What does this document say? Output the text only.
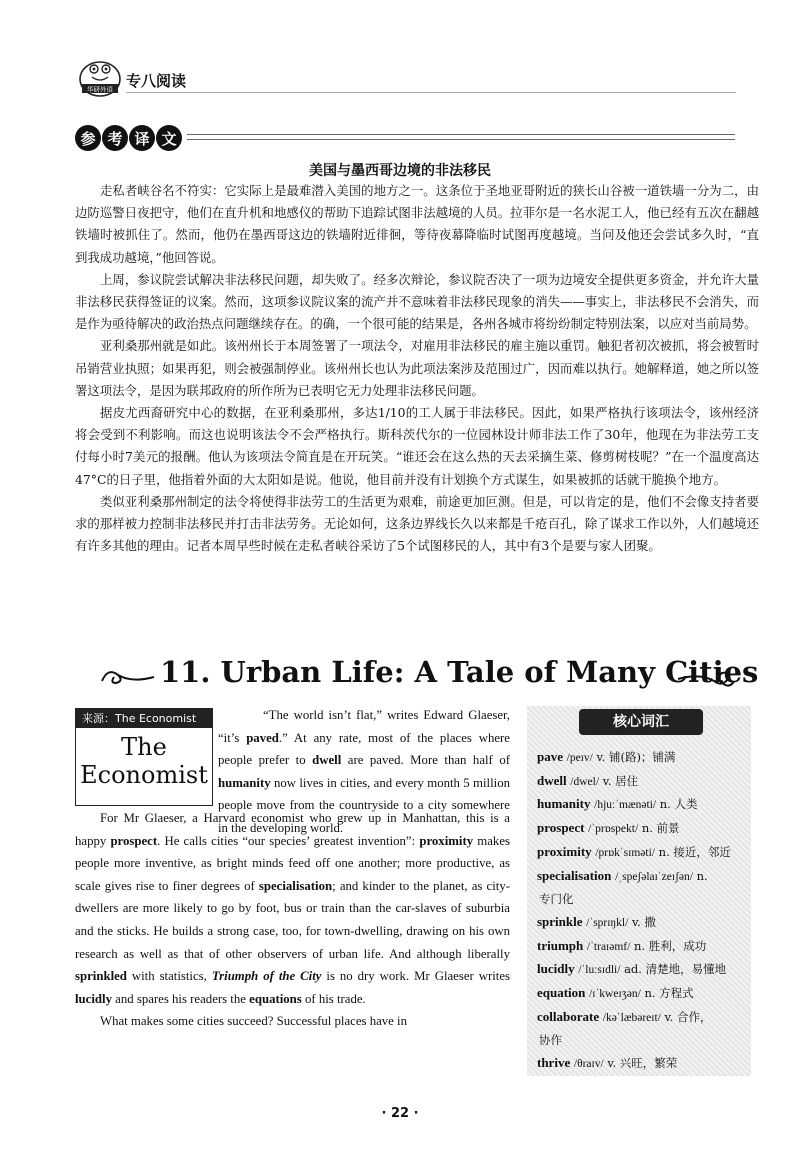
华研外语 专八阅读
参 考 译 文
美国与墨西哥边境的非法移民

走私者峡谷名不符实：它实际上是最难潜入美国的地方之一。这条位于圣地亚哥附近的狭长山谷被一道铁墙一分为二，由边防巡警日夜把守，他们在直升机和地感仪的帮助下追踪试图非法越境的人员。拉菲尔是一名水泥工人，他已经有五次在翻越铁墙时被抓住了。然而，他仍在墨西哥这边的铁墙附近徘徊，等待夜幕降临时试图再度越境。当问及他还会尝试多久时，“直到我成功越境，”他回答说。

上周，参议院尝试解决非法移民问题，却失败了。经多次辩论，参议院否决了一项为边境安全提供更多资金，并允许大量非法移民获得签证的议案。然而，这项参议院议案的流产并不意味着非法移民现象的消失——事实上，非法移民不会消失，而是作为亟待解决的政治热点问题继续存在。的确，一个很可能的结果是，各州各城市将纷纷制定特别法案，以应对当前局势。

亚利桑那州就是如此。该州州长于本周签署了一项法令，对雇用非法移民的雇主施以重罚。触犯者初次被抓，将会被暂时吊销营业执照；如果再犯，则会被强制停业。该州州长也认为此项法案涉及范围过广，因而难以执行。她解释道，她之所以签署这项法令，是因为联邦政府的所作所为已表明它无力处理非法移民问题。

据皮尤西裔研究中心的数据，在亚利桑那州，多达1/10的工人属于非法移民。因此，如果严格执行该项法令，该州经济将会受到不利影响。而这也说明该法令不会严格执行。斯科茨代尔的一位园林设计师非法工作了30年，他现在为非法劳工支付每小时7美元的报酬。他认为该项法令简直是在开玩笑。“谁还会在这么热的天去采摘生菜、修剪树枝呢？”在一个温度高达47°C的日子里，他指着外面的大太阳如是说。他说，他目前并没有计划换个方式谋生，如果被抓的话就干脆换个地方。

类似亚利桑那州制定的法令将使得非法劳工的生活更为艰难，前途更加叵测。但是，可以肯定的是，他们不会像支持者要求的那样被力控制非法移民并打击非法劳务。无论如何，这条边界线长久以来都是千疮百孔，除了谋求工作以外，人们越境还有许多其他的理由。记者本周早些时候在走私者峡谷采访了5个试图移民的人，其中有3个是要与家人团聚。

11. Urban Life: A Tale of Many Cities
来源：The Economist
The
Economist

“The world isn’t flat,” writes Edward Glaeser, “it’s paved.” At any rate, most of the places where people prefer to dwell are paved. More than half of humanity now lives in cities, and every month 5 million people move from the countryside to a city somewhere in the developing world.

核心词汇
pave /peɪv/ v. 铺(路)；铺满
dwell /dwel/ v. 居住
humanity /hjuːˈmænəti/ n. 人类
prospect /ˈprɒspekt/ n. 前景
proximity /prɒkˈsɪməti/ n. 接近，邻近
specialisation /ˌspeʃəlaɪˈzeɪʃən/ n.
专门化
sprinkle /ˈsprɪŋkl/ v. 撒
triumph /ˈtraɪəmf/ n. 胜利，成功
lucidly /ˈluːsɪdli/ ad. 清楚地，易懂地
equation /ɪˈkweɪʒən/ n. 方程式
collaborate /kəˈlæbəreɪt/ v. 合作，
协作
thrive /θraɪv/ v. 兴旺，繁荣

For Mr Glaeser, a Harvard economist who grew up in Manhattan, this is a happy prospect. He calls cities “our species’ greatest invention”: proximity makes people more inventive, as bright minds feed off one another; more productive, as scale gives rise to finer degrees of specialisation; and kinder to the planet, as city-dwellers are more likely to go by foot, bus or train than the car-slaves of suburbia and the sticks. He builds a strong case, too, for town-dwelling, drawing on his own research as well as that of other observers of urban life. And although liberally sprinkled with statistics, Triumph of the City is no dry work. Mr Glaeser writes lucidly and spares his readers the equations of his trade.

What makes some cities succeed? Successful places have in

· 22 ·
